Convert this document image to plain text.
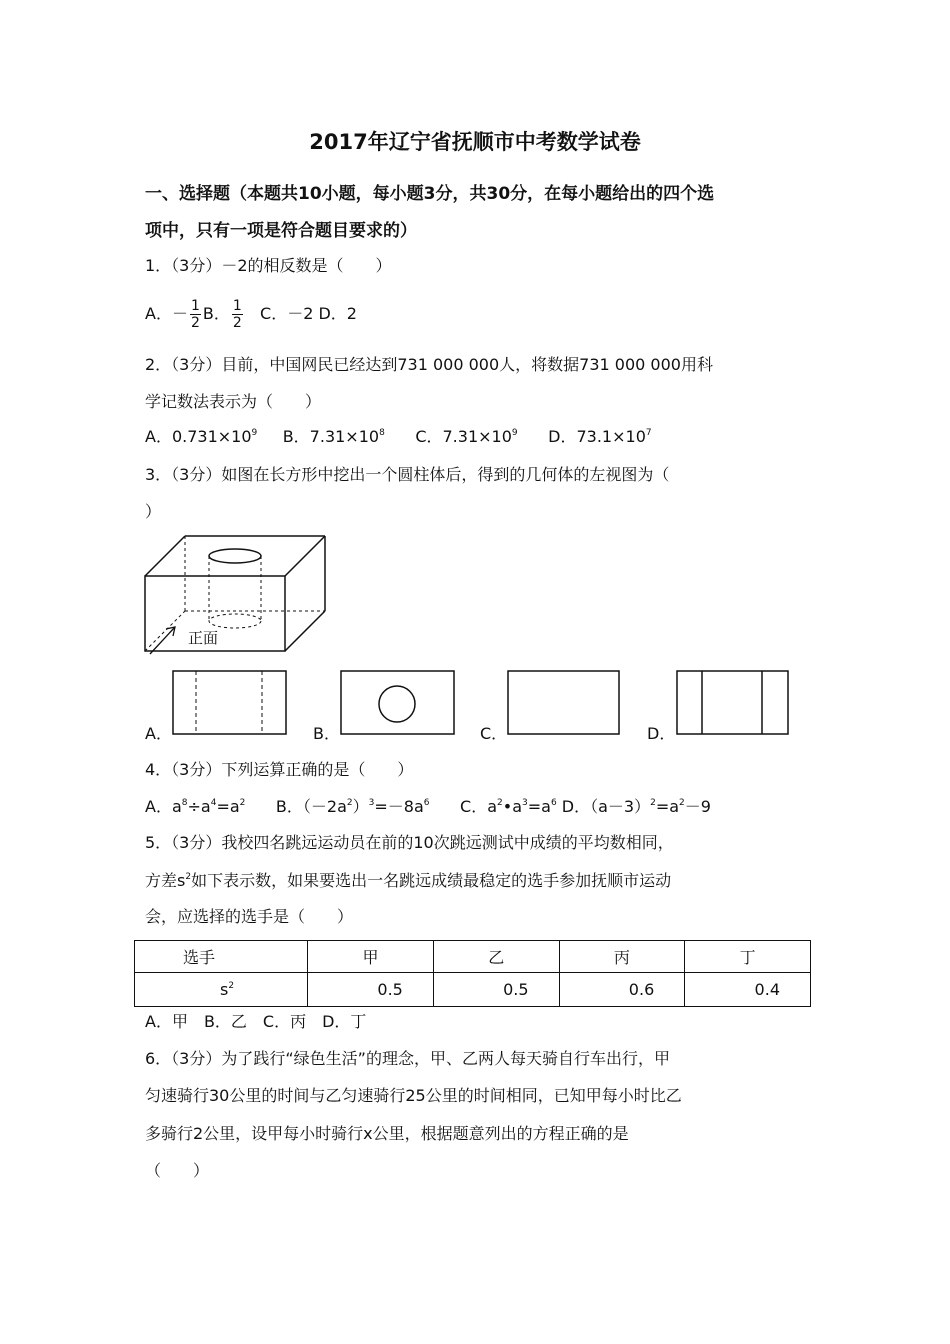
2017年辽宁省抚顺市中考数学试卷
一、选择题（本题共10小题，每小题3分，共30分，在每小题给出的四个选
项中，只有一项是符合题目要求的）
1．（3分）－2的相反数是（　　）
A．－ $\frac{1}{2}$ B． $\frac{1}{2}$ C．－2 D．2
2．（3分）目前，中国网民已经达到731 000 000人，将数据731 000 000用科
学记数法表示为（　　）
A．$0.731\times 10^9$ B．$7.31\times 10^8$ C．$7.31\times 10^9$ D．$73.1\times 10^7$
3．（3分）如图在长方形中挖出一个圆柱体后，得到的几何体的左视图为（
）
正面
A．	B．	C．	D．
4．（3分）下列运算正确的是（　　）
A．$a^8\div a^4=a^2$ B．$(-2a^2)^3=-8a^6$ C．$a^2•a^3=a^6$ D．$(a-3)^2=a^2-9$
5．（3分）我校四名跳远运动员在前的10次跳远测试中成绩的平均数相同，
方差$s^2$如下表示数，如果要选出一名跳远成绩最稳定的选手参加抚顺市运动
会，应选择的选手是（　　）
选手	甲	乙	丙	丁
$s^2$	0.5	0.5	0.6	0.4
A．甲　B．乙　C．丙　D．丁
6．（3分）为了践行“绿色生活”的理念，甲、乙两人每天骑自行车出行，甲
匀速骑行30公里的时间与乙匀速骑行25公里的时间相同，已知甲每小时比乙
多骑行2公里，设甲每小时骑行x公里，根据题意列出的方程正确的是
（　　）
